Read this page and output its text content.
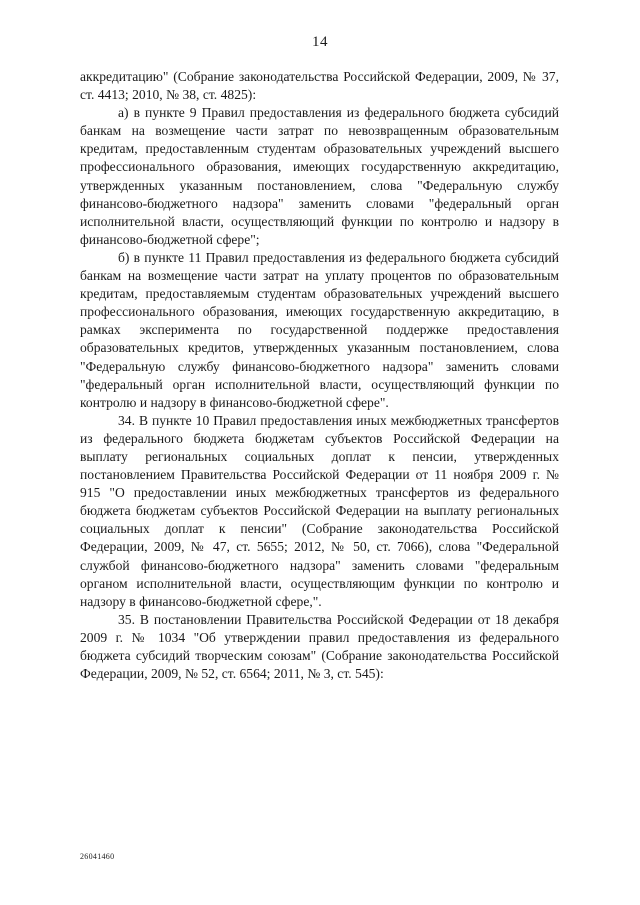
14

аккредитацию" (Собрание законодательства Российской Федерации, 2009, № 37, ст. 4413; 2010, № 38, ст. 4825):

а) в пункте 9 Правил предоставления из федерального бюджета субсидий банкам на возмещение части затрат по невозвращенным образовательным кредитам, предоставленным студентам образовательных учреждений высшего профессионального образования, имеющих государственную аккредитацию, утвержденных указанным постановлением, слова "Федеральную службу финансово-бюджетного надзора" заменить словами "федеральный орган исполнительной власти, осуществляющий функции по контролю и надзору в финансово-бюджетной сфере";

б) в пункте 11 Правил предоставления из федерального бюджета субсидий банкам на возмещение части затрат на уплату процентов по образовательным кредитам, предоставляемым студентам образовательных учреждений высшего профессионального образования, имеющих государственную аккредитацию, в рамках эксперимента по государственной поддержке предоставления образовательных кредитов, утвержденных указанным постановлением, слова "Федеральную службу финансово-бюджетного надзора" заменить словами "федеральный орган исполнительной власти, осуществляющий функции по контролю и надзору в финансово-бюджетной сфере".

34. В пункте 10 Правил предоставления иных межбюджетных трансфертов из федерального бюджета бюджетам субъектов Российской Федерации на выплату региональных социальных доплат к пенсии, утвержденных постановлением Правительства Российской Федерации от 11 ноября 2009 г. № 915 "О предоставлении иных межбюджетных трансфертов из федерального бюджета бюджетам субъектов Российской Федерации на выплату региональных социальных доплат к пенсии" (Собрание законодательства Российской Федерации, 2009, № 47, ст. 5655; 2012, № 50, ст. 7066), слова "Федеральной службой финансово-бюджетного надзора" заменить словами "федеральным органом исполнительной власти, осуществляющим функции по контролю и надзору в финансово-бюджетной сфере,".

35. В постановлении Правительства Российской Федерации от 18 декабря 2009 г. № 1034 "Об утверждении правил предоставления из федерального бюджета субсидий творческим союзам" (Собрание законодательства Российской Федерации, 2009, № 52, ст. 6564; 2011, № 3, ст. 545):

26041460
